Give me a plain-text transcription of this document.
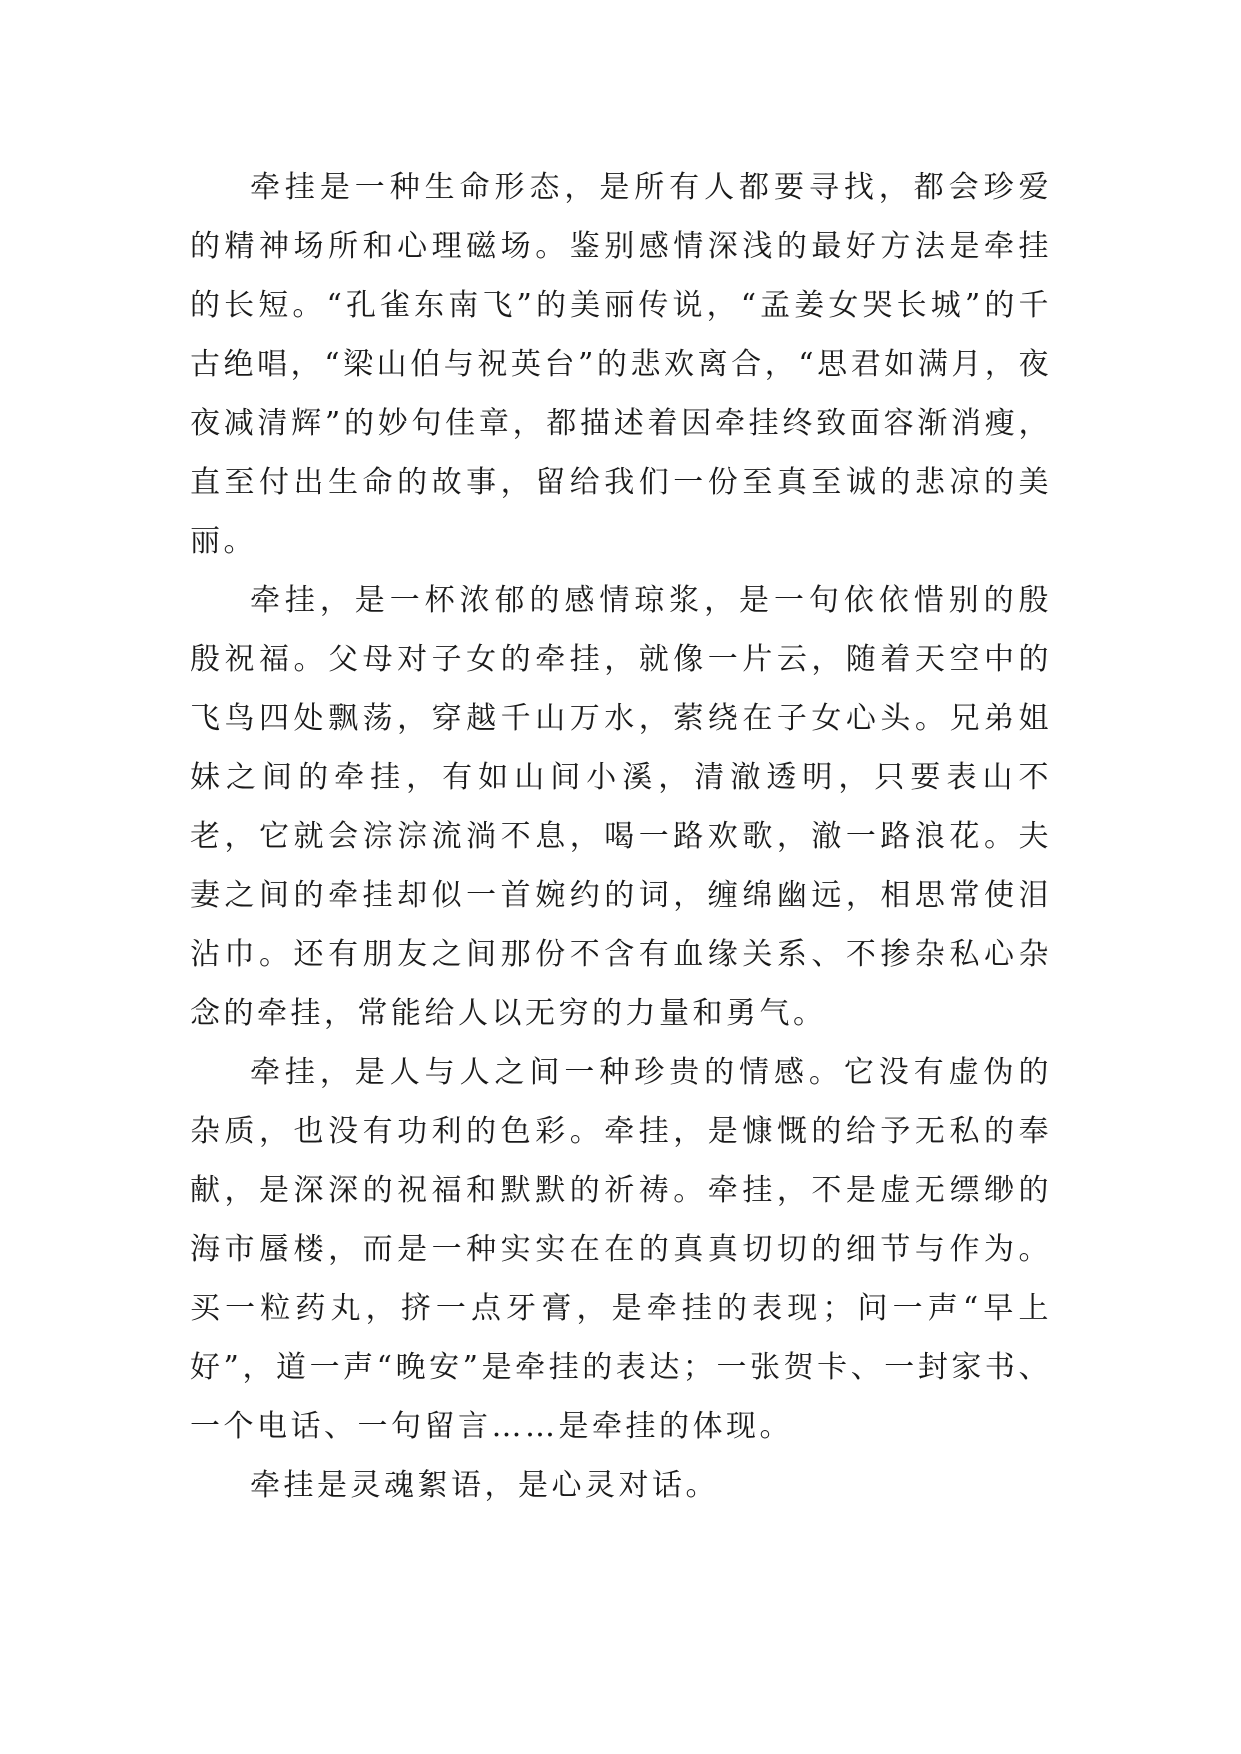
牵挂是一种生命形态，是所有人都要寻找，都会珍爱的精神场所和心理磁场。鉴别感情深浅的最好方法是牵挂的长短。“孔雀东南飞”的美丽传说，“孟姜女哭长城”的千古绝唱，“梁山伯与祝英台”的悲欢离合，“思君如满月，夜夜减清辉”的妙句佳章，都描述着因牵挂终致面容渐消瘦，直至付出生命的故事，留给我们一份至真至诚的悲凉的美丽。

牵挂，是一杯浓郁的感情琼浆，是一句依依惜别的殷殷祝福。父母对子女的牵挂，就像一片云，随着天空中的飞鸟四处飘荡，穿越千山万水，萦绕在子女心头。兄弟姐妹之间的牵挂，有如山间小溪，清澈透明，只要表山不老，它就会淙淙流淌不息，喝一路欢歌，澈一路浪花。夫妻之间的牵挂却似一首婉约的词，缠绵幽远，相思常使泪沾巾。还有朋友之间那份不含有血缘关系、不掺杂私心杂念的牵挂，常能给人以无穷的力量和勇气。

牵挂，是人与人之间一种珍贵的情感。它没有虚伪的杂质，也没有功利的色彩。牵挂，是慷慨的给予无私的奉献，是深深的祝福和默默的祈祷。牵挂，不是虚无缥缈的海市蜃楼，而是一种实实在在的真真切切的细节与作为。买一粒药丸，挤一点牙膏，是牵挂的表现；问一声“早上好”，道一声“晚安”是牵挂的表达；一张贺卡、一封家书、一个电话、一句留言……是牵挂的体现。

牵挂是灵魂絮语，是心灵对话。
